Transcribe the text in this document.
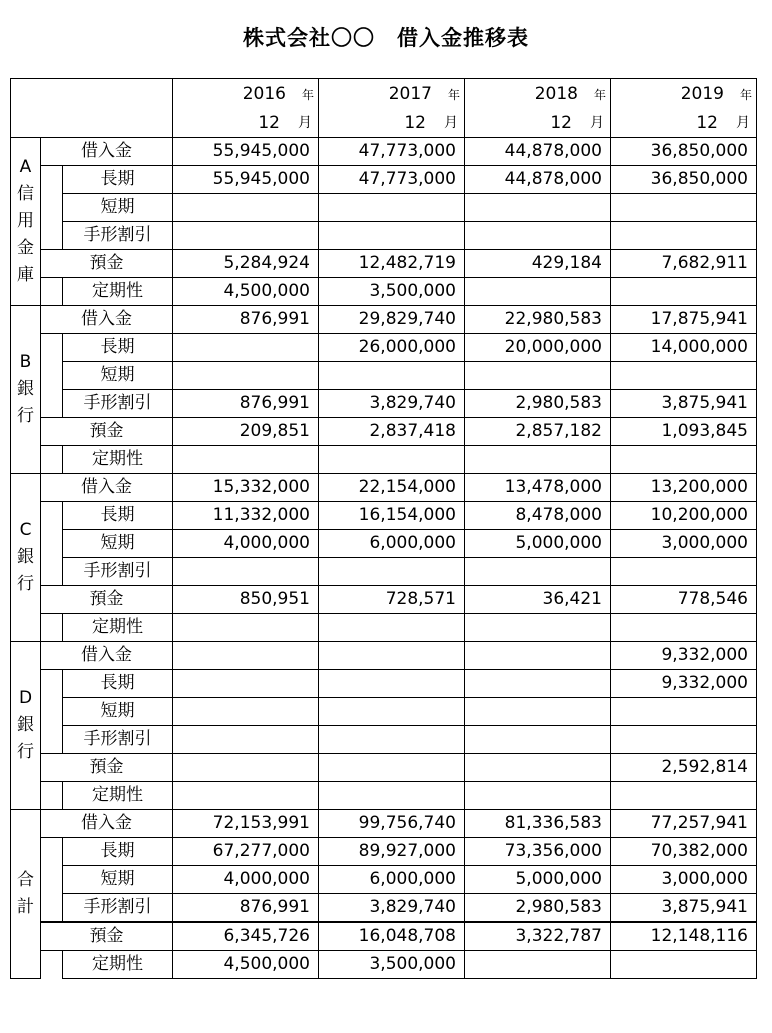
株式会社〇〇　借入金推移表

			2016 年	2017 年	2018 年	2019 年

			12 月	12 月	12 月	12 月

A
信
用
金
庫	借入金		55,945,000	47,773,000	44,878,000	36,850,000
		長期	55,945,000	47,773,000	44,878,000	36,850,000
		短期				
		手形割引				
	預金		5,284,924	12,482,719	429,184	7,682,911
		定期性	4,500,000	3,500,000		

B
銀
行	借入金		876,991	29,829,740	22,980,583	17,875,941
		長期		26,000,000	20,000,000	14,000,000
		短期				
		手形割引	876,991	3,829,740	2,980,583	3,875,941
	預金		209,851	2,837,418	2,857,182	1,093,845
		定期性				

C
銀
行	借入金		15,332,000	22,154,000	13,478,000	13,200,000
		長期	11,332,000	16,154,000	8,478,000	10,200,000
		短期	4,000,000	6,000,000	5,000,000	3,000,000
		手形割引				
	預金		850,951	728,571	36,421	778,546
		定期性				

D
銀
行	借入金					9,332,000
		長期				9,332,000
		短期				
		手形割引				
	預金					2,592,814
		定期性				

合
計	借入金		72,153,991	99,756,740	81,336,583	77,257,941
		長期	67,277,000	89,927,000	73,356,000	70,382,000
		短期	4,000,000	6,000,000	5,000,000	3,000,000
		手形割引	876,991	3,829,740	2,980,583	3,875,941
	預金		6,345,726	16,048,708	3,322,787	12,148,116
		定期性	4,500,000	3,500,000		
